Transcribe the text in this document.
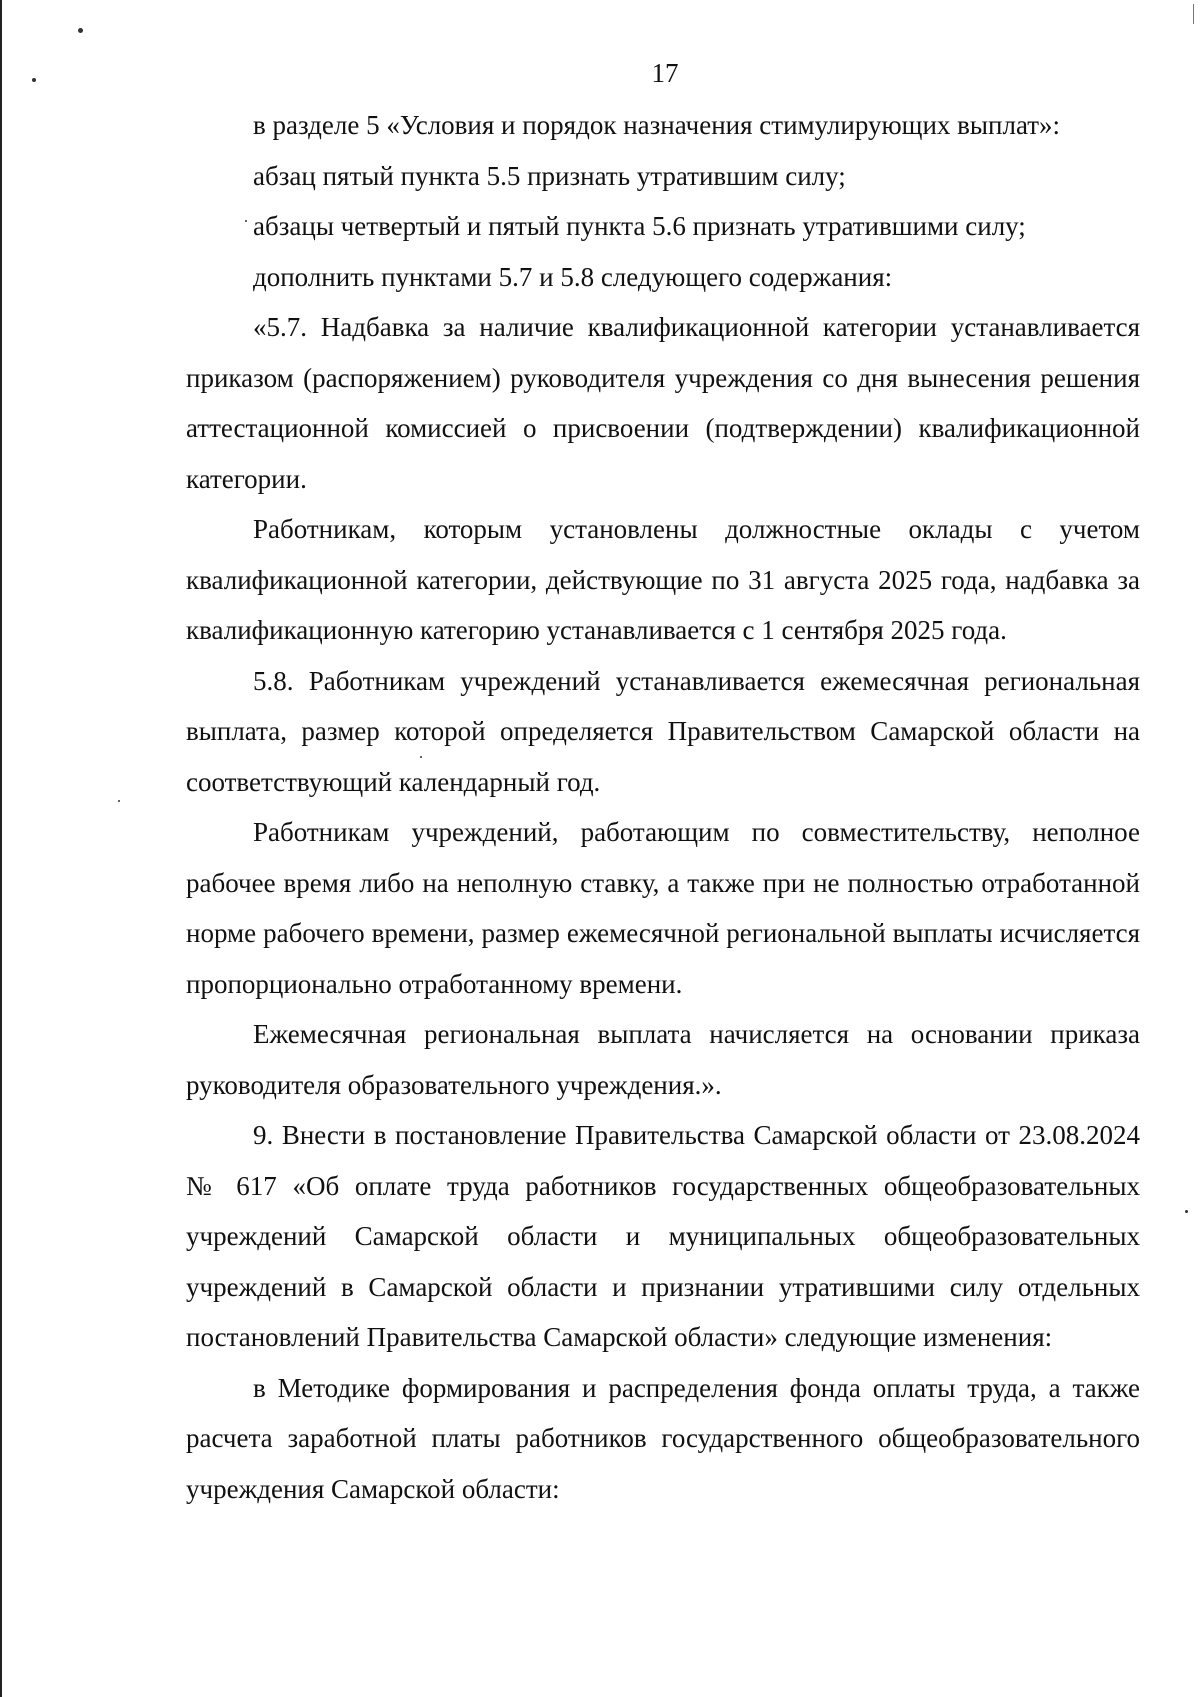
17

в разделе 5 «Условия и порядок назначения стимулирующих выплат»:

абзац пятый пункта 5.5 признать утратившим силу;

абзацы четвертый и пятый пункта 5.6 признать утратившими силу;

дополнить пунктами 5.7 и 5.8 следующего содержания:

«5.7. Надбавка за наличие квалификационной категории устанавливается приказом (распоряжением) руководителя учреждения со дня вынесения решения аттестационной комиссией о присвоении (подтверждении) квалификационной категории.

Работникам, которым установлены должностные оклады с учетом квалификационной категории, действующие по 31 августа 2025 года, надбавка за квалификационную категорию устанавливается с 1 сентября 2025 года.

5.8. Работникам учреждений устанавливается ежемесячная региональная выплата, размер которой определяется Правительством Самарской области на соответствующий календарный год.

Работникам учреждений, работающим по совместительству, неполное рабочее время либо на неполную ставку, а также при не полностью отработанной норме рабочего времени, размер ежемесячной региональной выплаты исчисляется пропорционально отработанному времени.

Ежемесячная региональная выплата начисляется на основании приказа руководителя образовательного учреждения.».

9. Внести в постановление Правительства Самарской области от 23.08.2024 № 617 «Об оплате труда работников государственных общеобразовательных учреждений Самарской области и муниципальных общеобразовательных учреждений в Самарской области и признании утратившими силу отдельных постановлений Правительства Самарской области» следующие изменения:

в Методике формирования и распределения фонда оплаты труда, а также расчета заработной платы работников государственного общеобразовательного учреждения Самарской области:
